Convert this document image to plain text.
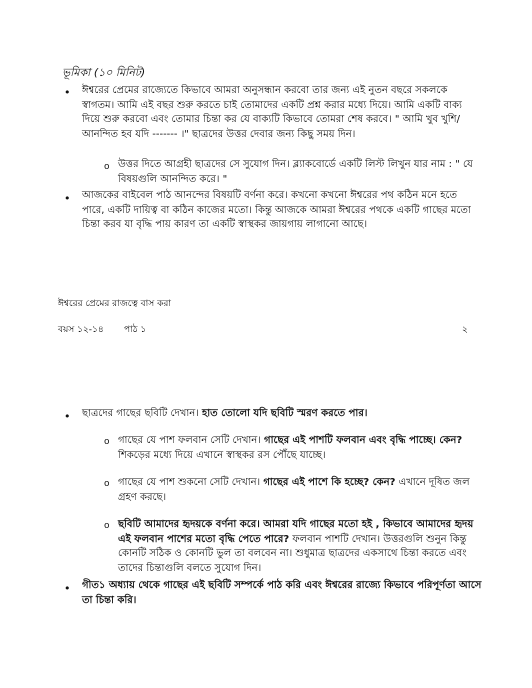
ভূমিকা (১০ মিনিট)
• ঈশ্বরের প্রেমের রাজ্যেতে কিভাবে আমরা অনুসন্ধান করবো তার জন্য এই নুতন বছরে সকলকে স্বাগতম। আমি এই বছর শুরু করতে চাই তোমাদের একটি প্রশ্ন করার মধ্যে দিয়ে। আমি একটি বাক্য দিয়ে শুরু করবো এবং তোমার চিন্তা কর যে বাক্যটি কিভাবে তোমরা শেষ করবে। " আমি খুব খুশি/আনন্দিত হব যদি ------- ।" ছাত্রদের উত্তর দেবার জন্য কিছু সময় দিন।

o উত্তর দিতে আগ্রহী ছাত্রদের সে সুযোগ দিন। ব্ল্যাকবোর্ডে একটি লিস্ট লিখুন যার নাম : " যে বিষয়গুলি আনন্দিত করে। "

• আজকের বাইবেল পাঠ আনন্দের বিষয়টি বর্ণনা করে। কখনো কখনো ঈশ্বরের পথ কঠিন মনে হতে পারে, একটি দায়িত্ব বা কঠিন কাজের মতো। কিন্তু আজকে আমরা ঈশ্বরের পথকে একটি গাছের মতো চিন্তা করব যা বৃদ্ধি পায় কারণ তা একটি স্বাস্থকর জায়গায় লাগানো আছে।

ঈশ্বরের প্রেমের রাজত্বে বাস করা
বয়স ১২-১৪ পাঠ ১	২
• ছাত্রদের গাছের ছবিটি দেখান। হাত তোলো যদি ছবিটি স্মরণ করতে পার।

o গাছের যে পাশ ফলবান সেটি দেখান। গাছের এই পাশটি ফলবান এবং বৃদ্ধি পাচ্ছে। কেন? শিকড়ের মধ্যে দিয়ে এখানে স্বাস্থকর রস পৌঁছে যাচ্ছে।

o গাছের যে পাশ শুকনো সেটি দেখান। গাছের এই পাশে কি হচ্ছে? কেন? এখানে দূষিত জল গ্রহণ করছে।

o ছবিটি আমাদের হৃদয়কে বর্ণনা করে। আমরা যদি গাছের মতো হই , কিভাবে আমাদের হৃদয় এই ফলবান পাশের মতো বৃদ্ধি পেতে পারে? ফলবান পাশটি দেখান। উত্তরগুলি শুনুন কিন্তু কোনটি সঠিক ও কোনটি ভুল তা বলবেন না। শুধুমাত্র ছাত্রদের একসাথে চিন্তা করতে এবং তাদের চিন্তাগুলি বলতে সুযোগ দিন।

• গীত১ অধ্যায় থেকে গাছের এই ছবিটি সম্পর্কে পাঠ করি এবং ঈশ্বরের রাজ্যে কিভাবে পরিপূর্ণতা আসে তা চিন্তা করি।
